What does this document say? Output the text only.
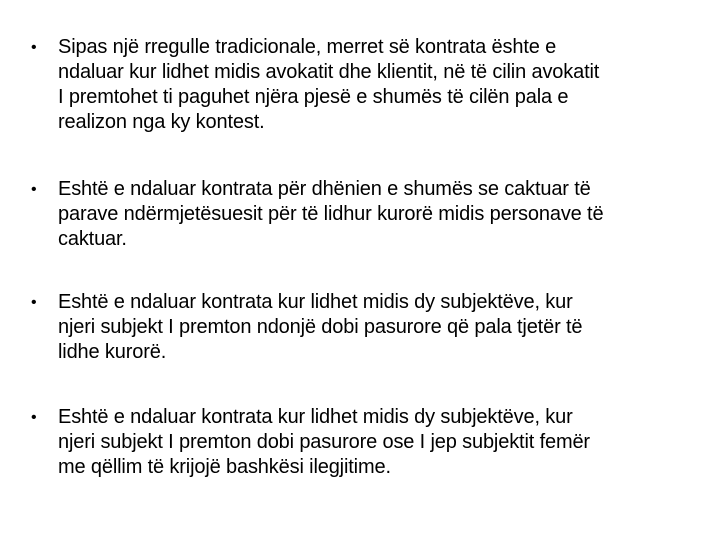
•	Sipas një rregulle tradicionale, merret së kontrata ështe e
ndaluar kur lidhet midis avokatit dhe klientit, në të cilin avokatit
I premtohet ti paguhet njëra pjesë e shumës të cilën pala e
realizon nga ky kontest.
•	Eshtë e ndaluar kontrata për dhënien e shumës se caktuar të
parave ndërmjetësuesit për të lidhur kurorë midis personave të
caktuar.
•	Eshtë e ndaluar kontrata kur lidhet midis dy subjektëve, kur
njeri subjekt I premton ndonjë dobi pasurore që pala tjetër të
lidhe kurorë.
•	Eshtë e ndaluar kontrata kur lidhet midis dy subjektëve, kur
njeri subjekt I premton dobi pasurore ose I jep subjektit femër
me qëllim të krijojë bashkësi ilegjitime.
